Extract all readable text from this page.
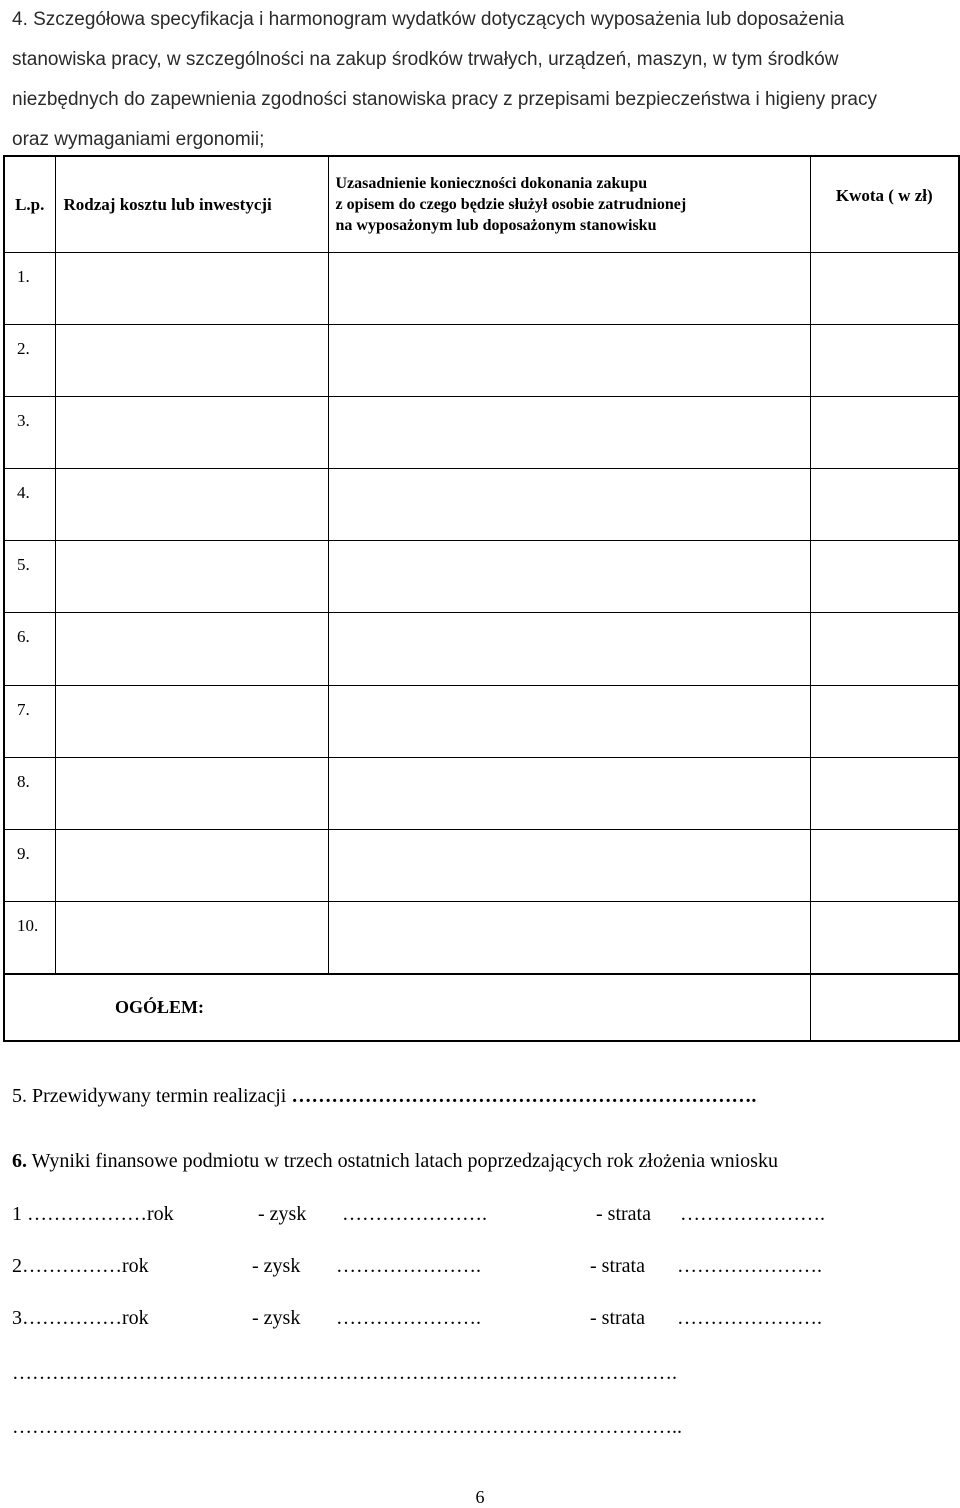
4. Szczegółowa specyfikacja i harmonogram wydatków dotyczących wyposażenia lub doposażenia
stanowiska pracy, w szczególności na zakup środków trwałych, urządzeń, maszyn, w tym środków
niezbędnych do zapewnienia zgodności stanowiska pracy z przepisami bezpieczeństwa i higieny pracy
oraz wymaganiami ergonomii;
L.p.	Rodzaj kosztu lub inwestycji	Uzasadnienie konieczności dokonania zakupu
z opisem do czego będzie służył osobie zatrudnionej
na wyposażonym lub doposażonym stanowisku	Kwota ( w zł)
1.			
2.			
3.			
4.			
5.			
6.			
7.			
8.			
9.			
10.			
OGÓŁEM:			
5. Przewidywany termin realizacji …………………………………………………………….
6. Wyniki finansowe podmiotu w trzech ostatnich latach poprzedzających rok złożenia wniosku
1 ………………rok	- zysk ………………….	- strata ………………….
2……………rok	- zysk ………………….	- strata ………………….
3……………rok	- zysk ………………….	- strata ………………….
……………………………………………………………………………………….
………………………………………………………………………………………..
6
